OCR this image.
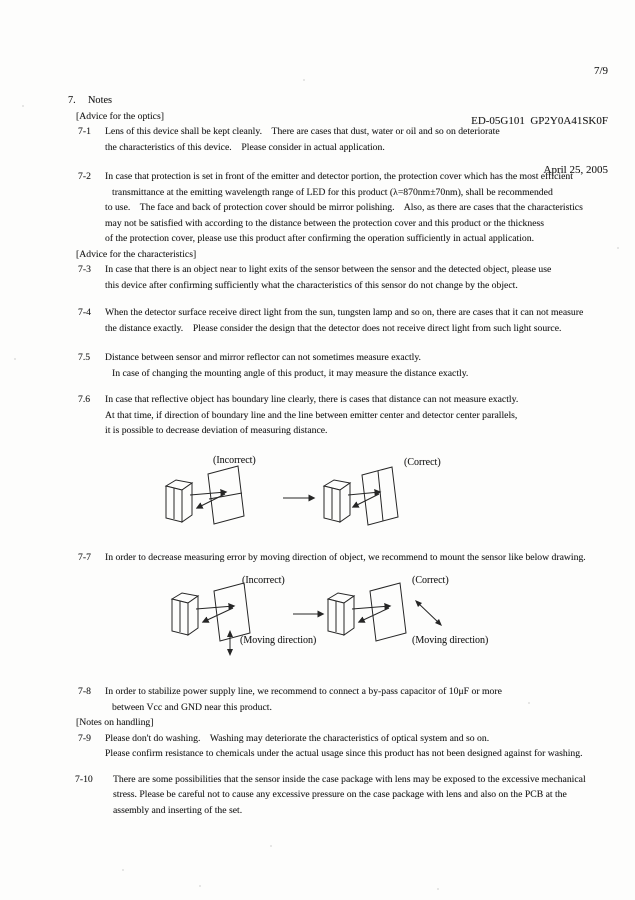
7/9

ED-05G101  GP2Y0A41SK0F

April 25, 2005

7. Notes
[Advice for the optics]
7-1	Lens of this device shall be kept cleanly.    There are cases that dust, water or oil and so on deteriorate
the characteristics of this device.    Please consider in actual application.
7-2	In case that protection is set in front of the emitter and detector portion, the protection cover which has the most efficient
transmittance at the emitting wavelength range of LED for this product (λ=870nm±70nm), shall be recommended
to use.    The face and back of protection cover should be mirror polishing.    Also, as there are cases that the characteristics
may not be satisfied with according to the distance between the protection cover and this product or the thickness
of the protection cover, please use this product after confirming the operation sufficiently in actual application.
[Advice for the characteristics]
7-3	In case that there is an object near to light exits of the sensor between the sensor and the detected object, please use
this device after confirming sufficiently what the characteristics of this sensor do not change by the object.
7-4	When the detector surface receive direct light from the sun, tungsten lamp and so on, there are cases that it can not measure
the distance exactly.    Please consider the design that the detector does not receive direct light from such light source.
7.5	Distance between sensor and mirror reflector can not sometimes measure exactly.
In case of changing the mounting angle of this product, it may measure the distance exactly.
7.6	In case that reflective object has boundary line clearly, there is cases that distance can not measure exactly.
At that time, if direction of boundary line and the line between emitter center and detector center parallels,
it is possible to decrease deviation of measuring distance.
(Incorrect)	(Correct)
7-7	In order to decrease measuring error by moving direction of object, we recommend to mount the sensor like below drawing.
(Incorrect)	(Correct)
(Moving direction)	(Moving direction)
7-8	In order to stabilize power supply line, we recommend to connect a by-pass capacitor of 10μF or more
between Vcc and GND near this product.
[Notes on handling]
7-9	Please don't do washing.    Washing may deteriorate the characteristics of optical system and so on.
Please confirm resistance to chemicals under the actual usage since this product has not been designed against for washing.
7-10	There are some possibilities that the sensor inside the case package with lens may be exposed to the excessive mechanical
stress. Please be careful not to cause any excessive pressure on the case package with lens and also on the PCB at the
assembly and inserting of the set.
